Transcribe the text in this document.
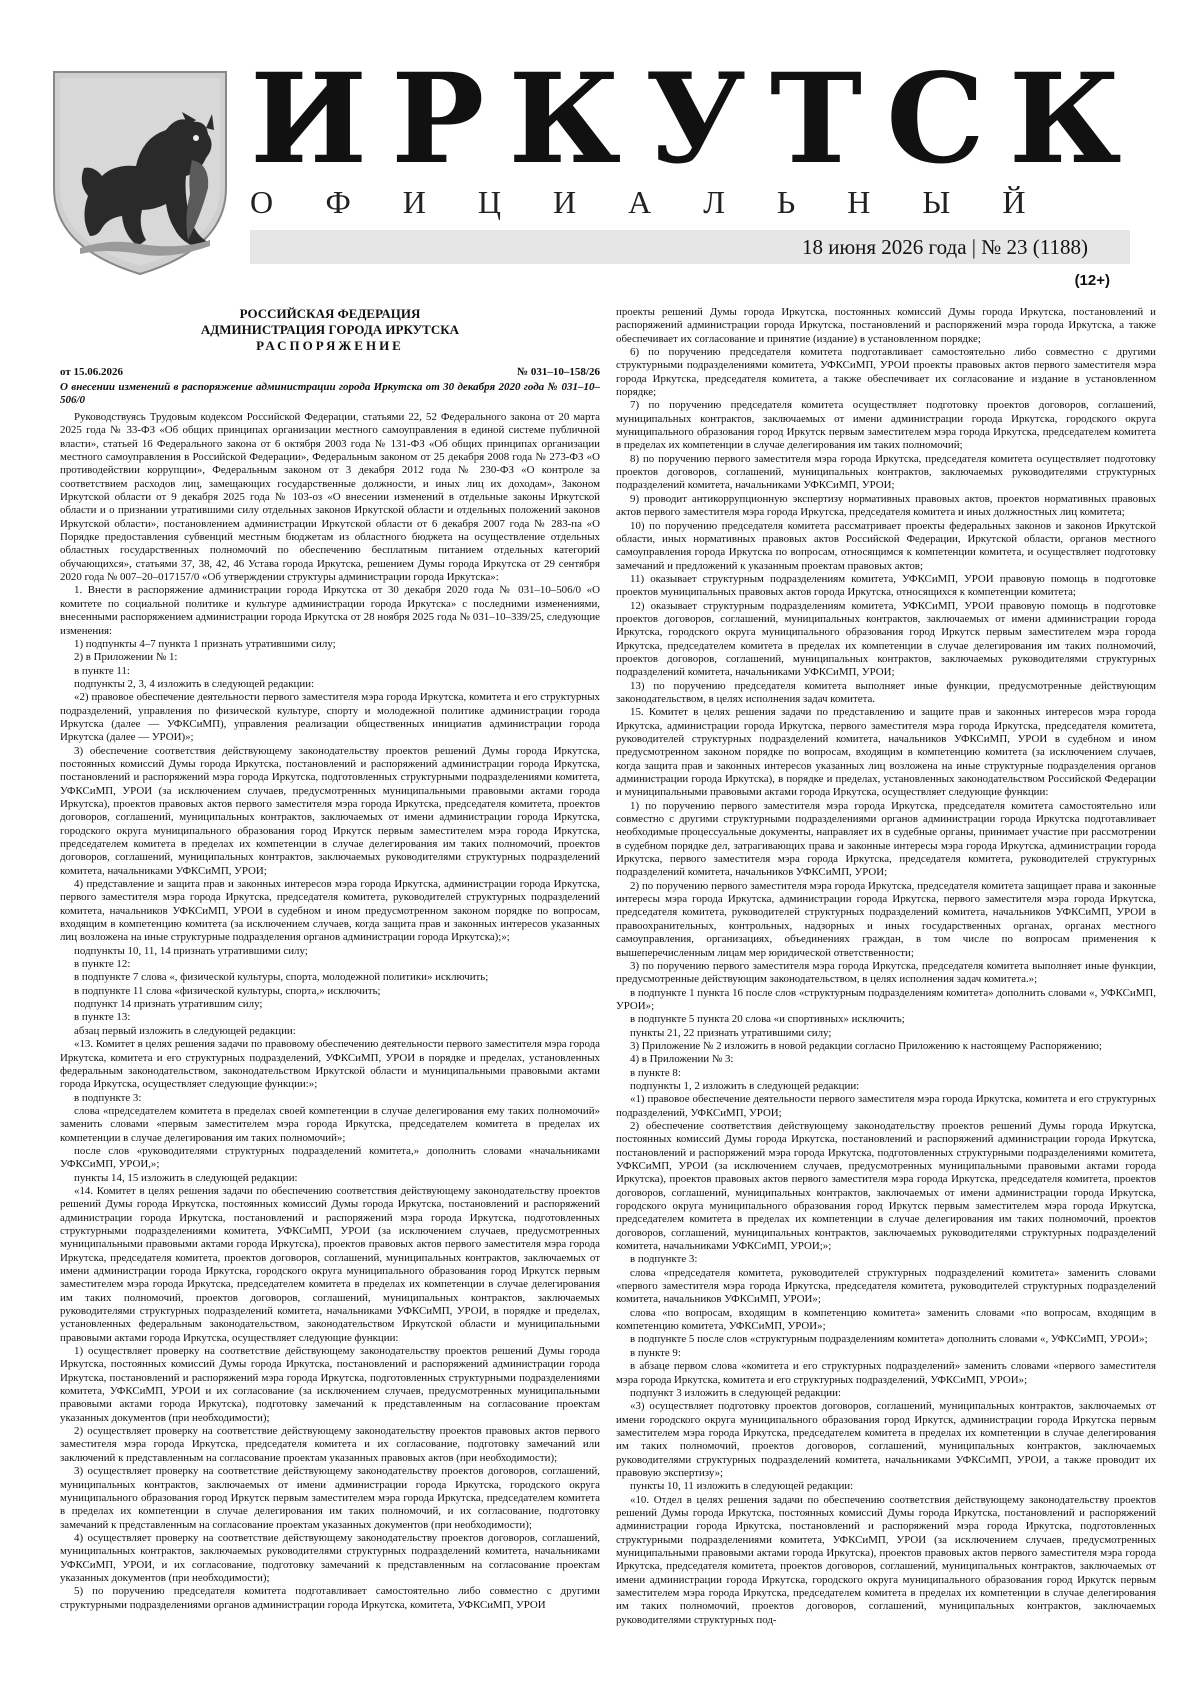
ИРКУТСК
ОФИЦИАЛЬНЫЙ
18 июня 2026 года | № 23 (1188)
(12+)
РОССИЙСКАЯ ФЕДЕРАЦИЯ
АДМИНИСТРАЦИЯ ГОРОДА ИРКУТСКА
РАСПОРЯЖЕНИЕ
от 15.06.2026	№ 031–10–158/26

О внесении изменений в распоряжение администрации города Иркутска от 30 декабря 2020 года № 031–10–506/0

Руководствуясь Трудовым кодексом Российской Федерации, статьями 22, 52 Федерального закона от 20 марта 2025 года № 33-ФЗ «Об общих принципах организации местного самоуправления в единой системе публичной власти», статьей 16 Федерального закона от 6 октября 2003 года № 131-ФЗ «Об общих принципах организации местного самоуправления в Российской Федерации», Федеральным законом от 25 декабря 2008 года № 273-ФЗ «О противодействии коррупции», Федеральным законом от 3 декабря 2012 года № 230-ФЗ «О контроле за соответствием расходов лиц, замещающих государственные должности, и иных лиц их доходам», Законом Иркутской области от 9 декабря 2025 года № 103-оз «О внесении изменений в отдельные законы Иркутской области и о признании утратившими силу отдельных законов Иркутской области и отдельных положений законов Иркутской области», постановлением администрации Иркутской области от 6 декабря 2007 года № 283-па «О Порядке предоставления субвенций местным бюджетам из областного бюджета на осуществление отдельных областных государственных полномочий по обеспечению бесплатным питанием отдельных категорий обучающихся», статьями 37, 38, 42, 46 Устава города Иркутска, решением Думы города Иркутска от 29 сентября 2020 года № 007–20–017157/0 «Об утверждении структуры администрации города Иркутска»:

1. Внести в распоряжение администрации города Иркутска от 30 декабря 2020 года № 031–10–506/0 «О комитете по социальной политике и культуре администрации города Иркутска» с последними изменениями, внесенными распоряжением администрации города Иркутска от 28 ноября 2025 года № 031–10–339/25, следующие изменения:

1) подпункты 4–7 пункта 1 признать утратившими силу;

2) в Приложении № 1:

в пункте 11:

подпункты 2, 3, 4 изложить в следующей редакции:

«2) правовое обеспечение деятельности первого заместителя мэра города Иркутска, комитета и его структурных подразделений, управления по физической культуре, спорту и молодежной политике администрации города Иркутска (далее — УФКСиМП), управления реализации общественных инициатив администрации города Иркутска (далее — УРОИ)»;

3) обеспечение соответствия действующему законодательству проектов решений Думы города Иркутска, постоянных комиссий Думы города Иркутска, постановлений и распоряжений администрации города Иркутска, постановлений и распоряжений мэра города Иркутска, подготовленных структурными подразделениями комитета, УФКСиМП, УРОИ (за исключением случаев, предусмотренных муниципальными правовыми актами города Иркутска), проектов правовых актов первого заместителя мэра города Иркутска, председателя комитета, проектов договоров, соглашений, муниципальных контрактов, заключаемых от имени администрации города Иркутска, городского округа муниципального образования город Иркутск первым заместителем мэра города Иркутска, председателем комитета в пределах их компетенции в случае делегирования им таких полномочий, проектов договоров, соглашений, муниципальных контрактов, заключаемых руководителями структурных подразделений комитета, начальниками УФКСиМП, УРОИ;

4) представление и защита прав и законных интересов мэра города Иркутска, администрации города Иркутска, первого заместителя мэра города Иркутска, председателя комитета, руководителей структурных подразделений комитета, начальников УФКСиМП, УРОИ в судебном и ином предусмотренном законом порядке по вопросам, входящим в компетенцию комитета (за исключением случаев, когда защита прав и законных интересов указанных лиц возложена на иные структурные подразделения органов администрации города Иркутска);»;

подпункты 10, 11, 14 признать утратившими силу;

в пункте 12:

в подпункте 7 слова «, физической культуры, спорта, молодежной политики» исключить;

в подпункте 11 слова «физической культуры, спорта,» исключить;

подпункт 14 признать утратившим силу;

в пункте 13:

абзац первый изложить в следующей редакции:

«13. Комитет в целях решения задачи по правовому обеспечению деятельности первого заместителя мэра города Иркутска, комитета и его структурных подразделений, УФКСиМП, УРОИ в порядке и пределах, установленных федеральным законодательством, законодательством Иркутской области и муниципальными правовыми актами города Иркутска, осуществляет следующие функции:»;

в подпункте 3:

слова «председателем комитета в пределах своей компетенции в случае делегирования ему таких полномочий» заменить словами «первым заместителем мэра города Иркутска, председателем комитета в пределах их компетенции в случае делегирования им таких полномочий»;

после слов «руководителями структурных подразделений комитета,» дополнить словами «начальниками УФКСиМП, УРОИ,»;

пункты 14, 15 изложить в следующей редакции:

«14. Комитет в целях решения задачи по обеспечению соответствия действующему законодательству проектов решений Думы города Иркутска, постоянных комиссий Думы города Иркутска, постановлений и распоряжений администрации города Иркутска, постановлений и распоряжений мэра города Иркутска, подготовленных структурными подразделениями комитета, УФКСиМП, УРОИ (за исключением случаев, предусмотренных муниципальными правовыми актами города Иркутска), проектов правовых актов первого заместителя мэра города Иркутска, председателя комитета, проектов договоров, соглашений, муниципальных контрактов, заключаемых от имени администрации города Иркутска, городского округа муниципального образования город Иркутск первым заместителем мэра города Иркутска, председателем комитета в пределах их компетенции в случае делегирования им таких полномочий, проектов договоров, соглашений, муниципальных контрактов, заключаемых руководителями структурных подразделений комитета, начальниками УФКСиМП, УРОИ, в порядке и пределах, установленных федеральным законодательством, законодательством Иркутской области и муниципальными правовыми актами города Иркутска, осуществляет следующие функции:

1) осуществляет проверку на соответствие действующему законодательству проектов решений Думы города Иркутска, постоянных комиссий Думы города Иркутска, постановлений и распоряжений администрации города Иркутска, постановлений и распоряжений мэра города Иркутска, подготовленных структурными подразделениями комитета, УФКСиМП, УРОИ и их согласование (за исключением случаев, предусмотренных муниципальными правовыми актами города Иркутска), подготовку замечаний к представленным на согласование проектам указанных документов (при необходимости);

2) осуществляет проверку на соответствие действующему законодательству проектов правовых актов первого заместителя мэра города Иркутска, председателя комитета и их согласование, подготовку замечаний или заключений к представленным на согласование проектам указанных правовых актов (при необходимости);

3) осуществляет проверку на соответствие действующему законодательству проектов договоров, соглашений, муниципальных контрактов, заключаемых от имени администрации города Иркутска, городского округа муниципального образования город Иркутск первым заместителем мэра города Иркутска, председателем комитета в пределах их компетенции в случае делегирования им таких полномочий, и их согласование, подготовку замечаний к представленным на согласование проектам указанных документов (при необходимости);

4) осуществляет проверку на соответствие действующему законодательству проектов договоров, соглашений, муниципальных контрактов, заключаемых руководителями структурных подразделений комитета, начальниками УФКСиМП, УРОИ, и их согласование, подготовку замечаний к представленным на согласование проектам указанных документов (при необходимости);

5) по поручению председателя комитета подготавливает самостоятельно либо совместно с другими структурными подразделениями органов администрации города Иркутска, комитета, УФКСиМП, УРОИ

проекты решений Думы города Иркутска, постоянных комиссий Думы города Иркутска, постановлений и распоряжений администрации города Иркутска, постановлений и распоряжений мэра города Иркутска, а также обеспечивает их согласование и принятие (издание) в установленном порядке;

6) по поручению председателя комитета подготавливает самостоятельно либо совместно с другими структурными подразделениями комитета, УФКСиМП, УРОИ проекты правовых актов первого заместителя мэра города Иркутска, председателя комитета, а также обеспечивает их согласование и издание в установленном порядке;

7) по поручению председателя комитета осуществляет подготовку проектов договоров, соглашений, муниципальных контрактов, заключаемых от имени администрации города Иркутска, городского округа муниципального образования город Иркутск первым заместителем мэра города Иркутска, председателем комитета в пределах их компетенции в случае делегирования им таких полномочий;

8) по поручению первого заместителя мэра города Иркутска, председателя комитета осуществляет подготовку проектов договоров, соглашений, муниципальных контрактов, заключаемых руководителями структурных подразделений комитета, начальниками УФКСиМП, УРОИ;

9) проводит антикоррупционную экспертизу нормативных правовых актов, проектов нормативных правовых актов первого заместителя мэра города Иркутска, председателя комитета и иных должностных лиц комитета;

10) по поручению председателя комитета рассматривает проекты федеральных законов и законов Иркутской области, иных нормативных правовых актов Российской Федерации, Иркутской области, органов местного самоуправления города Иркутска по вопросам, относящимся к компетенции комитета, и осуществляет подготовку замечаний и предложений к указанным проектам правовых актов;

11) оказывает структурным подразделениям комитета, УФКСиМП, УРОИ правовую помощь в подготовке проектов муниципальных правовых актов города Иркутска, относящихся к компетенции комитета;

12) оказывает структурным подразделениям комитета, УФКСиМП, УРОИ правовую помощь в подготовке проектов договоров, соглашений, муниципальных контрактов, заключаемых от имени администрации города Иркутска, городского округа муниципального образования город Иркутск первым заместителем мэра города Иркутска, председателем комитета в пределах их компетенции в случае делегирования им таких полномочий, проектов договоров, соглашений, муниципальных контрактов, заключаемых руководителями структурных подразделений комитета, начальниками УФКСиМП, УРОИ;

13) по поручению председателя комитета выполняет иные функции, предусмотренные действующим законодательством, в целях исполнения задач комитета.

15. Комитет в целях решения задачи по представлению и защите прав и законных интересов мэра города Иркутска, администрации города Иркутска, первого заместителя мэра города Иркутска, председателя комитета, руководителей структурных подразделений комитета, начальников УФКСиМП, УРОИ в судебном и ином предусмотренном законом порядке по вопросам, входящим в компетенцию комитета (за исключением случаев, когда защита прав и законных интересов указанных лиц возложена на иные структурные подразделения органов администрации города Иркутска), в порядке и пределах, установленных законодательством Российской Федерации и муниципальными правовыми актами города Иркутска, осуществляет следующие функции:

1) по поручению первого заместителя мэра города Иркутска, председателя комитета самостоятельно или совместно с другими структурными подразделениями органов администрации города Иркутска подготавливает необходимые процессуальные документы, направляет их в судебные органы, принимает участие при рассмотрении в судебном порядке дел, затрагивающих права и законные интересы мэра города Иркутска, администрации города Иркутска, первого заместителя мэра города Иркутска, председателя комитета, руководителей структурных подразделений комитета, начальников УФКСиМП, УРОИ;

2) по поручению первого заместителя мэра города Иркутска, председателя комитета защищает права и законные интересы мэра города Иркутска, администрации города Иркутска, первого заместителя мэра города Иркутска, председателя комитета, руководителей структурных подразделений комитета, начальников УФКСиМП, УРОИ в правоохранительных, контрольных, надзорных и иных государственных органах, органах местного самоуправления, организациях, объединениях граждан, в том числе по вопросам применения к вышеперечисленным лицам мер юридической ответственности;

3) по поручению первого заместителя мэра города Иркутска, председателя комитета выполняет иные функции, предусмотренные действующим законодательством, в целях исполнения задач комитета.»;

в подпункте 1 пункта 16 после слов «структурным подразделениям комитета» дополнить словами «, УФКСиМП, УРОИ»;

в подпункте 5 пункта 20 слова «и спортивных» исключить;

пункты 21, 22 признать утратившими силу;

3) Приложение № 2 изложить в новой редакции согласно Приложению к настоящему Распоряжению;

4) в Приложении № 3:

в пункте 8:

подпункты 1, 2 изложить в следующей редакции:

«1) правовое обеспечение деятельности первого заместителя мэра города Иркутска, комитета и его структурных подразделений, УФКСиМП, УРОИ;

2) обеспечение соответствия действующему законодательству проектов решений Думы города Иркутска, постоянных комиссий Думы города Иркутска, постановлений и распоряжений администрации города Иркутска, постановлений и распоряжений мэра города Иркутска, подготовленных структурными подразделениями комитета, УФКСиМП, УРОИ (за исключением случаев, предусмотренных муниципальными правовыми актами города Иркутска), проектов правовых актов первого заместителя мэра города Иркутска, председателя комитета, проектов договоров, соглашений, муниципальных контрактов, заключаемых от имени администрации города Иркутска, городского округа муниципального образования город Иркутск первым заместителем мэра города Иркутска, председателем комитета в пределах их компетенции в случае делегирования им таких полномочий, проектов договоров, соглашений, муниципальных контрактов, заключаемых руководителями структурных подразделений комитета, начальниками УФКСиМП, УРОИ;»;

в подпункте 3:

слова «председателя комитета, руководителей структурных подразделений комитета» заменить словами «первого заместителя мэра города Иркутска, председателя комитета, руководителей структурных подразделений комитета, начальников УФКСиМП, УРОИ»;

слова «по вопросам, входящим в компетенцию комитета» заменить словами «по вопросам, входящим в компетенцию комитета, УФКСиМП, УРОИ»;

в подпункте 5 после слов «структурным подразделениям комитета» дополнить словами «, УФКСиМП, УРОИ»;

в пункте 9:

в абзаце первом слова «комитета и его структурных подразделений» заменить словами «первого заместителя мэра города Иркутска, комитета и его структурных подразделений, УФКСиМП, УРОИ»;

подпункт 3 изложить в следующей редакции:

«3) осуществляет подготовку проектов договоров, соглашений, муниципальных контрактов, заключаемых от имени городского округа муниципального образования город Иркутск, администрации города Иркутска первым заместителем мэра города Иркутска, председателем комитета в пределах их компетенции в случае делегирования им таких полномочий, проектов договоров, соглашений, муниципальных контрактов, заключаемых руководителями структурных подразделений комитета, начальниками УФКСиМП, УРОИ, а также проводит их правовую экспертизу»;

пункты 10, 11 изложить в следующей редакции:

«10. Отдел в целях решения задачи по обеспечению соответствия действующему законодательству проектов решений Думы города Иркутска, постоянных комиссий Думы города Иркутска, постановлений и распоряжений администрации города Иркутска, постановлений и распоряжений мэра города Иркутска, подготовленных структурными подразделениями комитета, УФКСиМП, УРОИ (за исключением случаев, предусмотренных муниципальными правовыми актами города Иркутска), проектов правовых актов первого заместителя мэра города Иркутска, председателя комитета, проектов договоров, соглашений, муниципальных контрактов, заключаемых от имени администрации города Иркутска, городского округа муниципального образования город Иркутск первым заместителем мэра города Иркутска, председателем комитета в пределах их компетенции в случае делегирования им таких полномочий, проектов договоров, соглашений, муниципальных контрактов, заключаемых руководителями структурных под-
